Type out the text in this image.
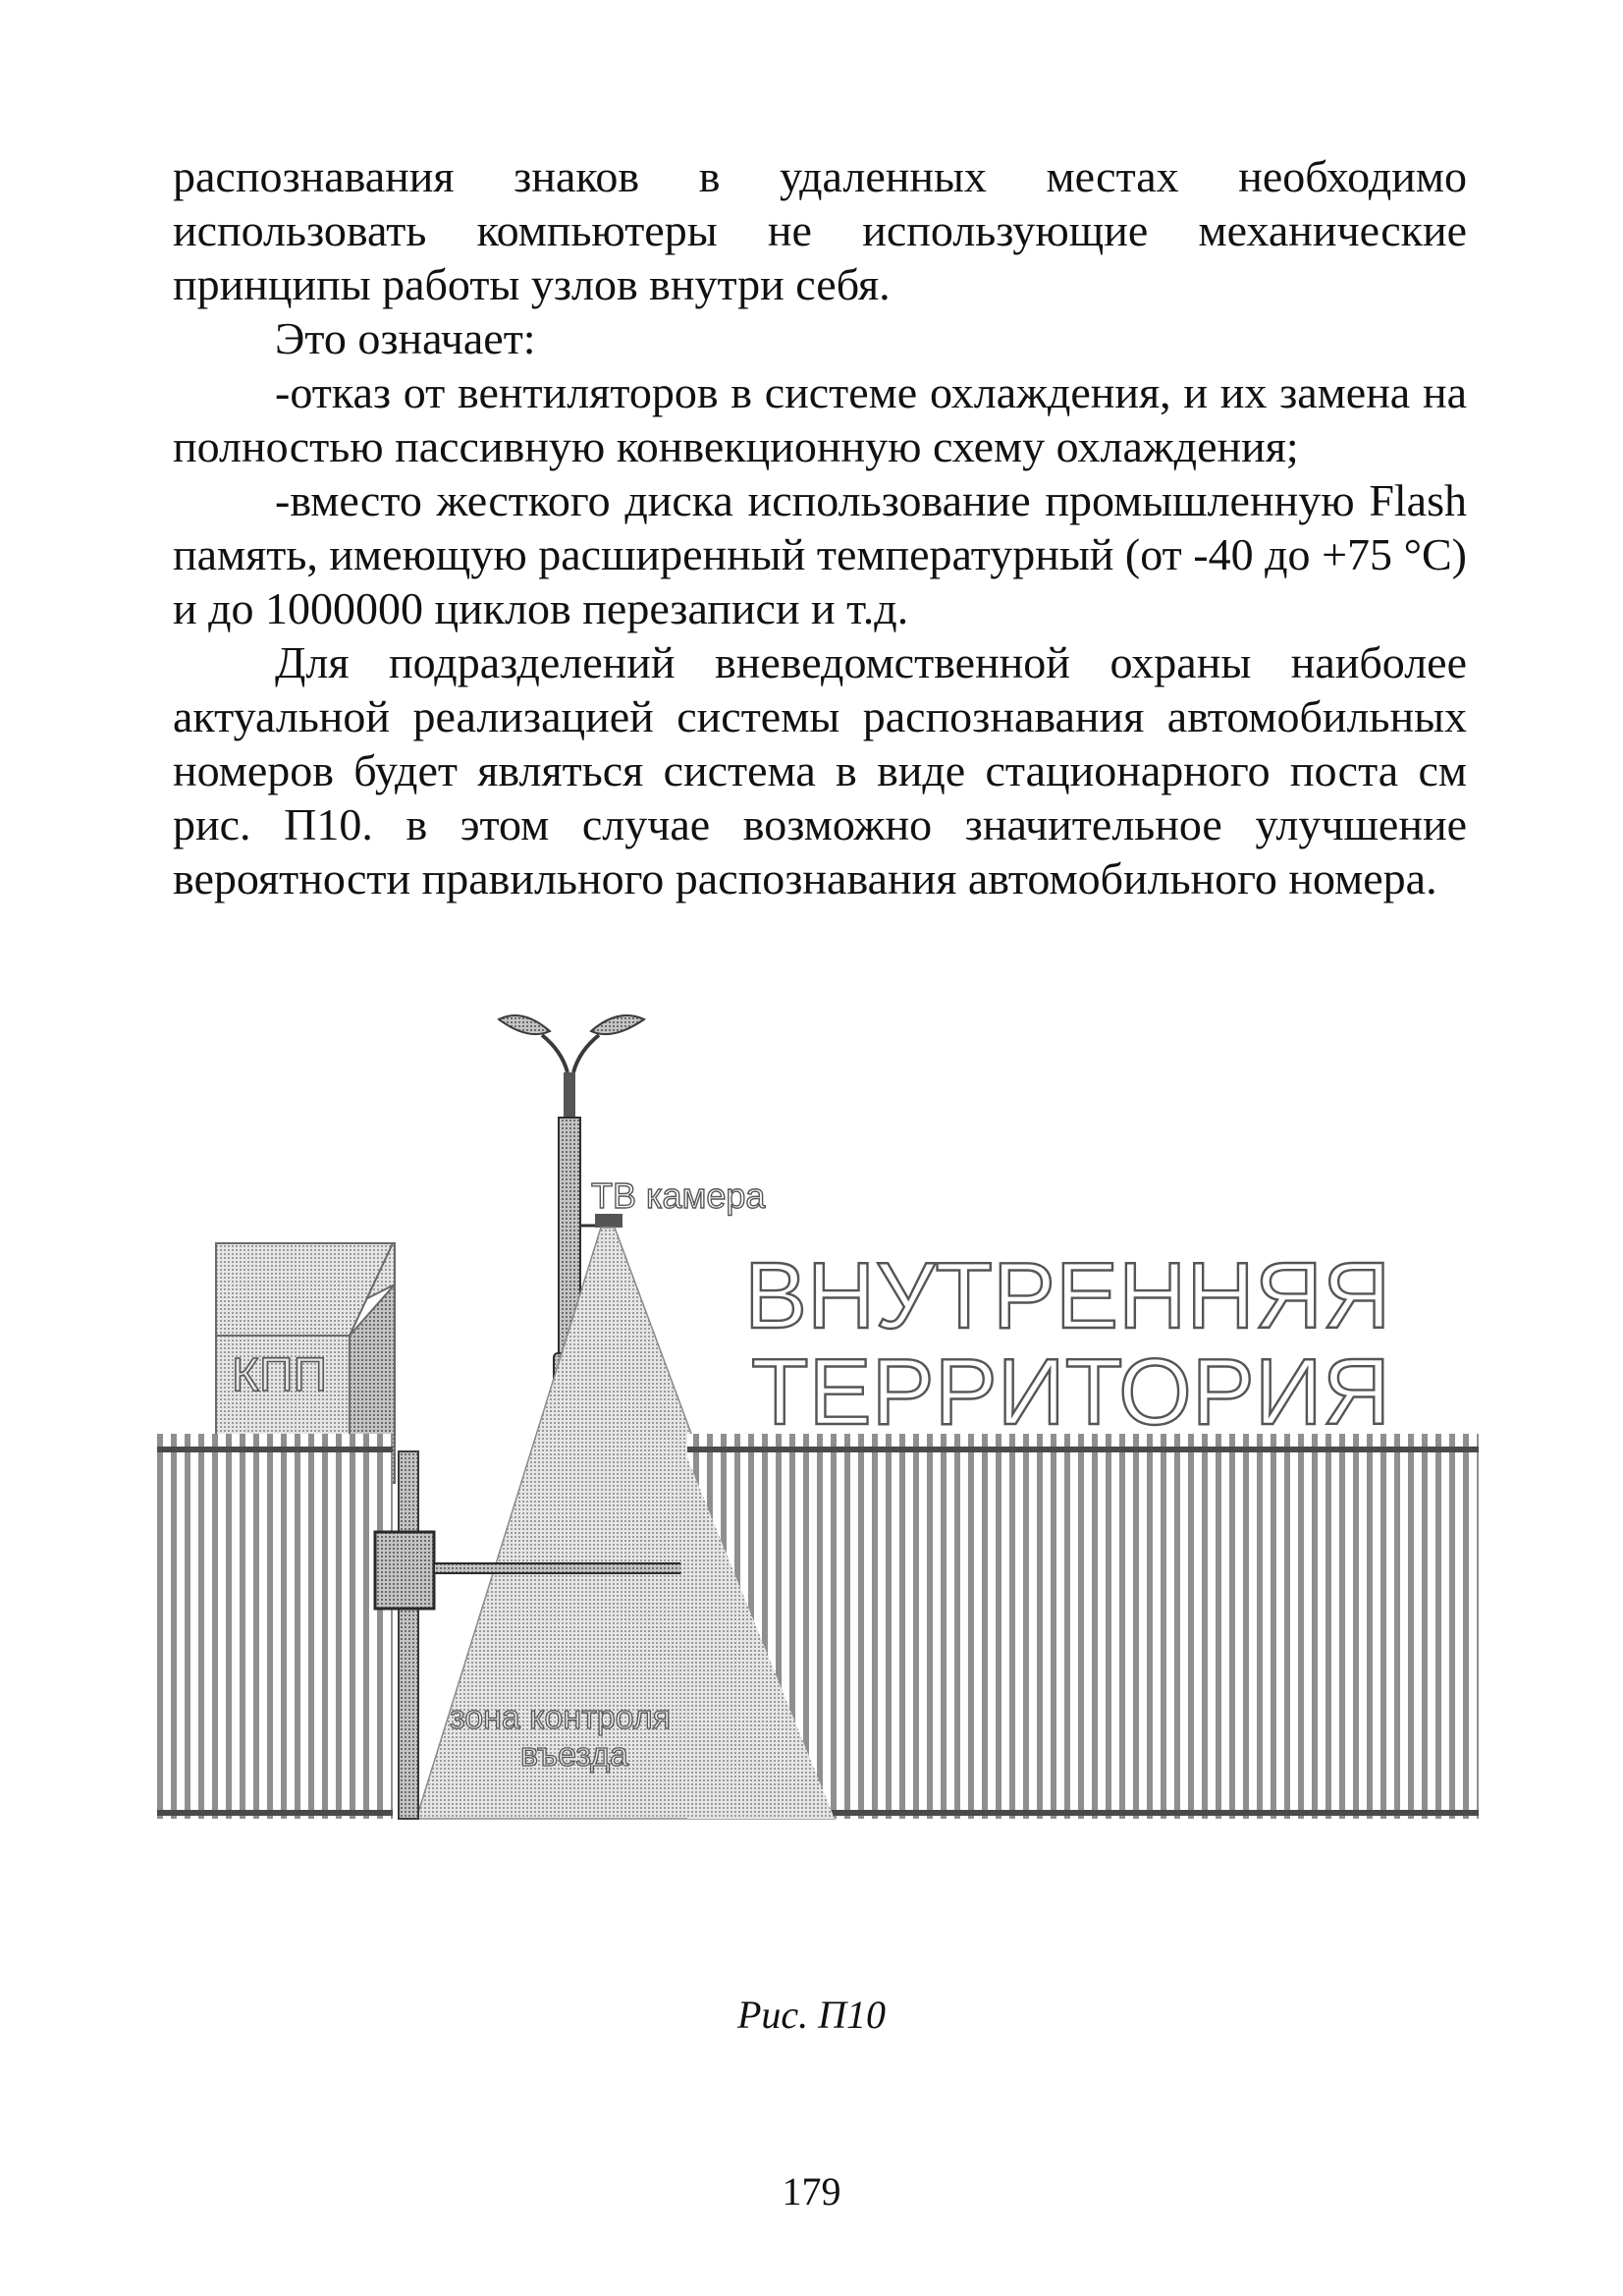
распознавания знаков в удаленных местах необходимо использовать компьютеры не использующие механические принципы работы узлов внутри себя.

Это означает:

-отказ от вентиляторов в системе охлаждения, и их замена на полностью пассивную конвекционную схему охлаждения;

-вместо жесткого диска использование промышленную Flash память, имеющую расширенный температурный (от -40 до +75 °C) и до 1000000 циклов перезаписи и т.д.

Для подразделений вневедомственной охраны наиболее актуальной реализацией системы распознавания автомобильных номеров будет являться система в виде стационарного поста см рис. П10. в этом случае возможно значительное улучшение вероятности правильного распознавания автомобильного номера.

ТВ камера
ВНУТРЕННЯЯ
ТЕРРИТОРИЯ
КПП
зона контроля
въезда
Рис. П10
179
